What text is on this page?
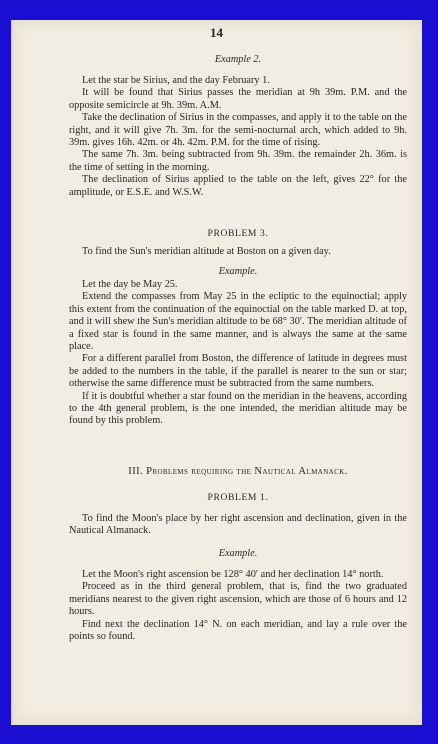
14
Example 2.

Let the star be Sirius, and the day February 1.

It will be found that Sirius passes the meridian at 9h 39m. P.M. and the opposite semicircle at 9h. 39m. A.M.

Take the declination of Sirius in the compasses, and apply it to the table on the right, and it will give 7h. 3m. for the semi-nocturnal arch, which added to 9h. 39m. gives 16h. 42m. or 4h. 42m. P.M. for the time of rising.

The same 7h. 3m. being subtracted from 9h. 39m. the remainder 2h. 36m. is the time of setting in the morning.

The declination of Sirius applied to the table on the left, gives 22° for the amplitude, or E.S.E. and W.S.W.

PROBLEM 3.

To find the Sun's meridian altitude at Boston on a given day.

Example.

Let the day be May 25.

Extend the compasses from May 25 in the ecliptic to the equinoctial; apply this extent from the continuation of the equinoctial on the table marked D. at top, and it will shew the Sun's meridian altitude to be 68° 30′. The meridian altitude of a fixed star is found in the same manner, and is always the same at the same place.

For a different parallel from Boston, the difference of latitude in degrees must be added to the numbers in the table, if the parallel is nearer to the sun or star; otherwise the same difference must be subtracted from the same numbers.

If it is doubtful whether a star found on the meridian in the heavens, according to the 4th general problem, is the one intended, the meridian altitude may be found by this problem.

III. Problems requiring the Nautical Almanack.
PROBLEM 1.

To find the Moon's place by her right ascension and declination, given in the Nautical Almanack.

Example.

Let the Moon's right ascension be 128° 40′ and her declination 14° north.

Proceed as in the third general problem, that is, find the two graduated meridians nearest to the given right ascension, which are those of 6 hours and 12 hours.

Find next the declination 14° N. on each meridian, and lay a rule over the points so found.
